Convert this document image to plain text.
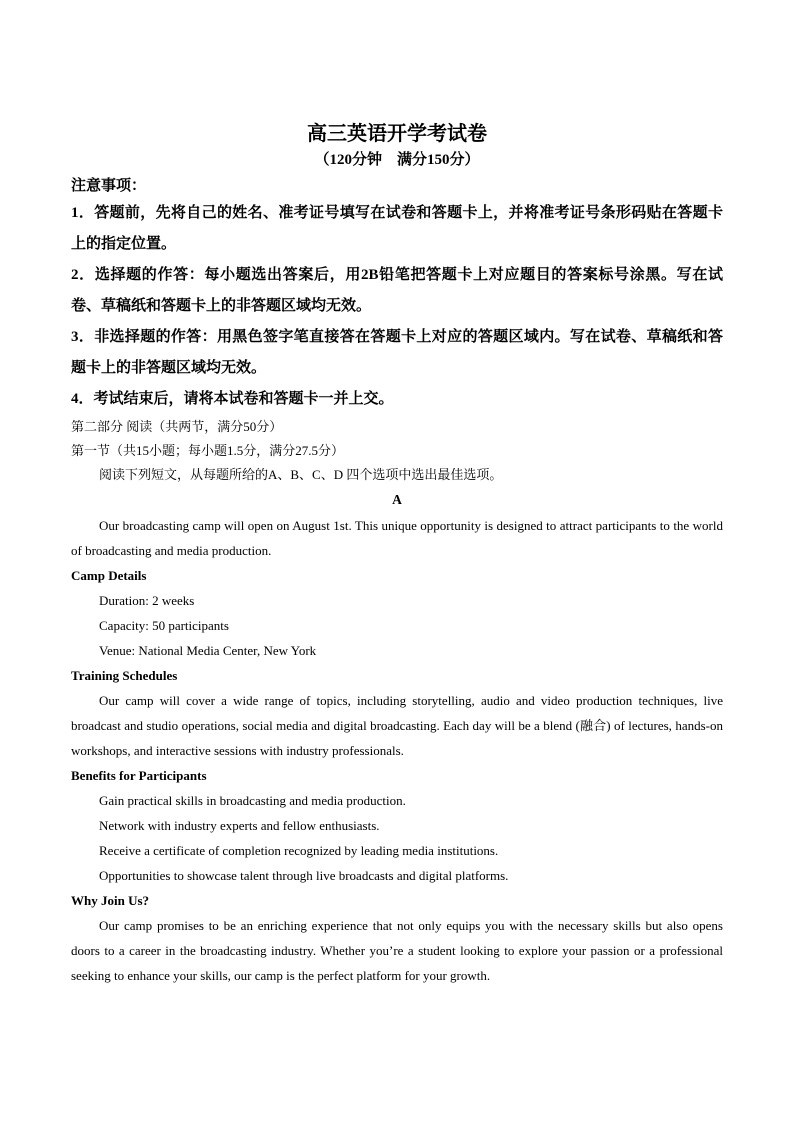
高三英语开学考试卷

（120分钟　满分150分）

注意事项：

1．答题前，先将自己的姓名、准考证号填写在试卷和答题卡上，并将准考证号条形码贴在答题卡上的指定位置。

2．选择题的作答：每小题选出答案后，用2B铅笔把答题卡上对应题目的答案标号涂黑。写在试卷、草稿纸和答题卡上的非答题区域均无效。

3．非选择题的作答：用黑色签字笔直接答在答题卡上对应的答题区域内。写在试卷、草稿纸和答题卡上的非答题区域均无效。

4．考试结束后，请将本试卷和答题卡一并上交。

第二部分 阅读（共两节，满分50分）

第一节（共15小题；每小题1.5分，满分27.5分）

阅读下列短文，从每题所给的A、B、C、D 四个选项中选出最佳选项。

A

Our broadcasting camp will open on August 1st. This unique opportunity is designed to attract participants to the world of broadcasting and media production.

Camp Details

Duration: 2 weeks

Capacity: 50 participants

Venue: National Media Center, New York

Training Schedules

Our camp will cover a wide range of topics, including storytelling, audio and video production techniques, live broadcast and studio operations, social media and digital broadcasting. Each day will be a blend (融合) of lectures, hands-on workshops, and interactive sessions with industry professionals.

Benefits for Participants

Gain practical skills in broadcasting and media production.

Network with industry experts and fellow enthusiasts.

Receive a certificate of completion recognized by leading media institutions.

Opportunities to showcase talent through live broadcasts and digital platforms.

Why Join Us?

Our camp promises to be an enriching experience that not only equips you with the necessary skills but also opens doors to a career in the broadcasting industry. Whether you’re a student looking to explore your passion or a professional seeking to enhance your skills, our camp is the perfect platform for your growth.
